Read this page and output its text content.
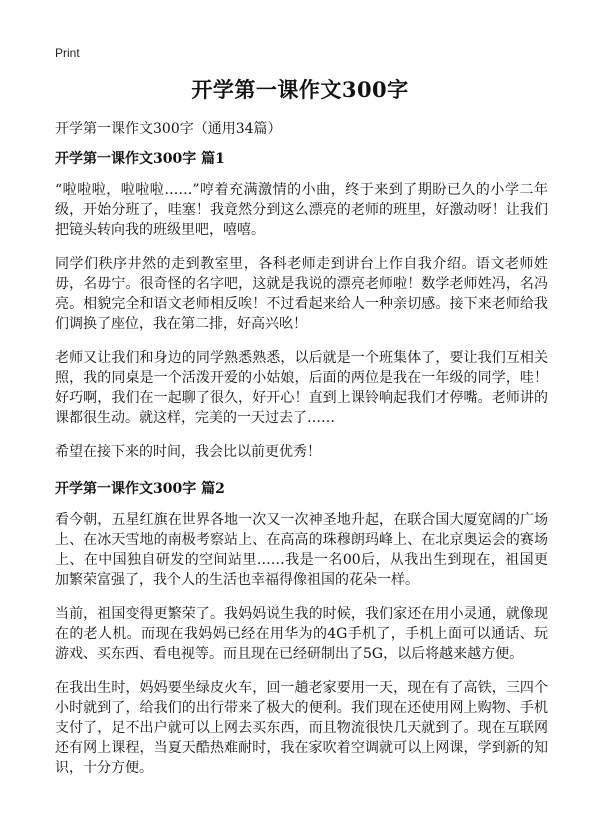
Print
开学第一课作文300字
开学第一课作文300字（通用34篇）
开学第一课作文300字 篇1

“啦啦啦，啦啦啦……”哼着充满激情的小曲，终于来到了期盼已久的小学二年级，开始分班了，哇塞！我竟然分到这么漂亮的老师的班里，好激动呀！让我们把镜头转向我的班级里吧，嘻嘻。

同学们秩序井然的走到教室里，各科老师走到讲台上作自我介绍。语文老师姓毋，名毋宁。很奇怪的名字吧，这就是我说的漂亮老师啦！数学老师姓冯，名冯亮。相貌完全和语文老师相反唉！不过看起来给人一种亲切感。接下来老师给我们调换了座位，我在第二排，好高兴吆！

老师又让我们和身边的同学熟悉熟悉，以后就是一个班集体了，要让我们互相关照，我的同桌是一个活泼开爱的小姑娘，后面的两位是我在一年级的同学，哇！好巧啊，我们在一起聊了很久，好开心！直到上课铃响起我们才停嘴。老师讲的课都很生动。就这样，完美的一天过去了……

希望在接下来的时间，我会比以前更优秀！

开学第一课作文300字 篇2

看今朝，五星红旗在世界各地一次又一次神圣地升起，在联合国大厦宽阔的广场上、在冰天雪地的南极考察站上、在高高的珠穆朗玛峰上、在北京奥运会的赛场上、在中国独自研发的空间站里……我是一名00后，从我出生到现在，祖国更加繁荣富强了，我个人的生活也幸福得像祖国的花朵一样。

当前，祖国变得更繁荣了。我妈妈说生我的时候，我们家还在用小灵通，就像现在的老人机。而现在我妈妈已经在用华为的4G手机了，手机上面可以通话、玩游戏、买东西、看电视等。而且现在已经研制出了5G，以后将越来越方便。

在我出生时，妈妈要坐绿皮火车，回一趟老家要用一天，现在有了高铁，三四个小时就到了，给我们的出行带来了极大的便利。我们现在还使用网上购物、手机支付了，足不出户就可以上网去买东西，而且物流很快几天就到了。现在互联网还有网上课程，当夏天酷热难耐时，我在家吹着空调就可以上网课，学到新的知识，十分方便。
